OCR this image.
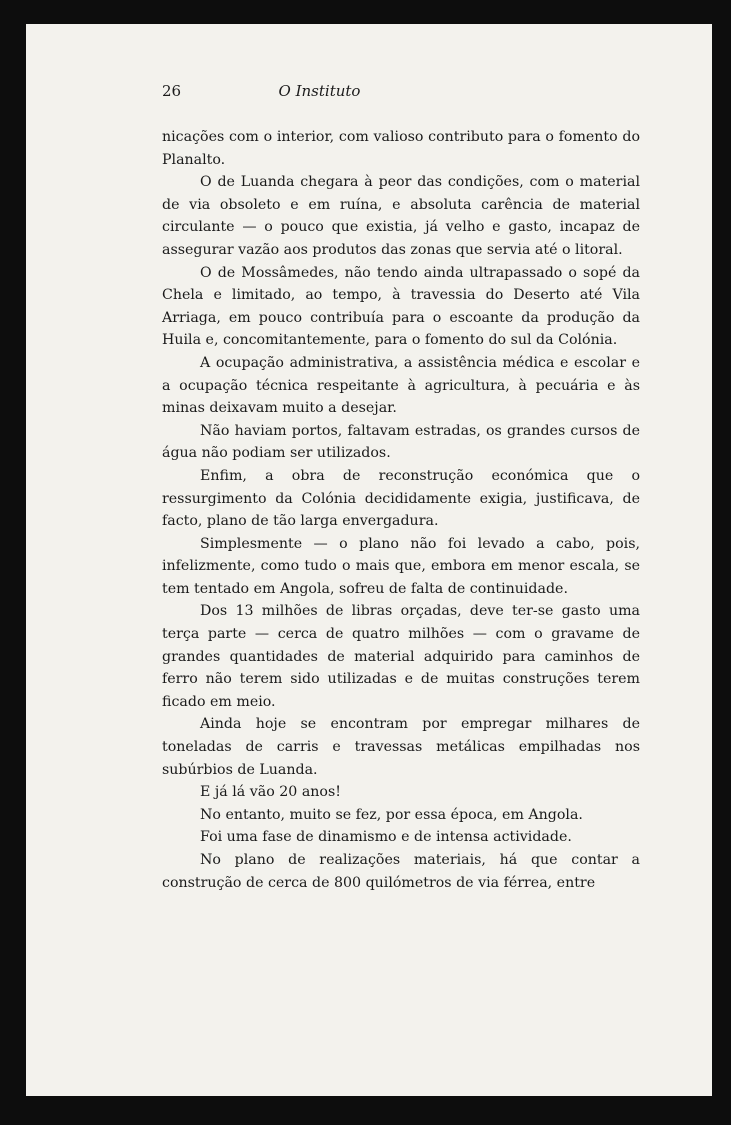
26	O Instituto

nicações com o interior, com valioso contributo para o fomento do Planalto.

O de Luanda chegara à peor das condições, com o material de via obsoleto e em ruína, e absoluta carência de material circulante — o pouco que existia, já velho e gasto, incapaz de assegurar vazão aos produtos das zonas que servia até o litoral.

O de Mossâmedes, não tendo ainda ultrapassado o sopé da Chela e limitado, ao tempo, à travessia do Deserto até Vila Arriaga, em pouco contribuía para o escoante da produção da Huila e, concomitantemente, para o fomento do sul da Colónia.

A ocupação administrativa, a assistência médica e escolar e a ocupação técnica respeitante à agricultura, à pecuária e às minas deixavam muito a desejar.

Não haviam portos, faltavam estradas, os grandes cursos de água não podiam ser utilizados.

Enfim, a obra de reconstrução económica que o ressurgimento da Colónia decididamente exigia, justificava, de facto, plano de tão larga envergadura.

Simplesmente — o plano não foi levado a cabo, pois, infelizmente, como tudo o mais que, embora em menor escala, se tem tentado em Angola, sofreu de falta de continuidade.

Dos 13 milhões de libras orçadas, deve ter-se gasto uma terça parte — cerca de quatro milhões — com o gravame de grandes quantidades de material adquirido para caminhos de ferro não terem sido utilizadas e de muitas construções terem ficado em meio.

Ainda hoje se encontram por empregar milhares de toneladas de carris e travessas metálicas empilhadas nos subúrbios de Luanda.

E já lá vão 20 anos!

No entanto, muito se fez, por essa época, em Angola.

Foi uma fase de dinamismo e de intensa actividade.

No plano de realizações materiais, há que contar a construção de cerca de 800 quilómetros de via férrea, entre
